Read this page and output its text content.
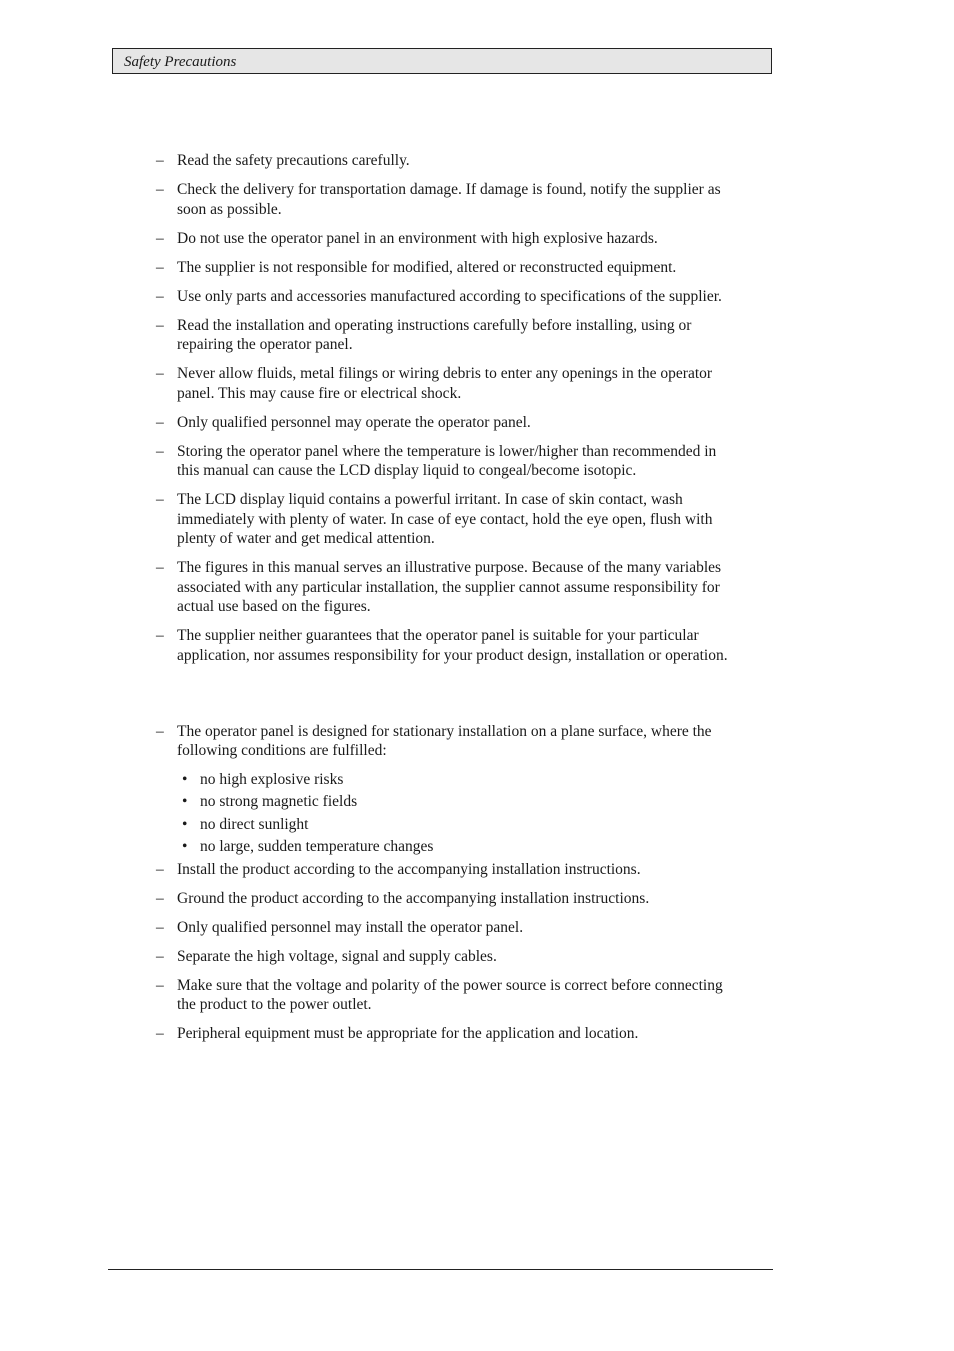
Safety Precautions
– Read the safety precautions carefully.
– Check the delivery for transportation damage. If damage is found, notify the supplier as soon as possible.
– Do not use the operator panel in an environment with high explosive hazards.
– The supplier is not responsible for modified, altered or reconstructed equipment.
– Use only parts and accessories manufactured according to specifications of the supplier.
– Read the installation and operating instructions carefully before installing, using or repairing the operator panel.
– Never allow fluids, metal filings or wiring debris to enter any openings in the operator panel. This may cause fire or electrical shock.
– Only qualified personnel may operate the operator panel.
– Storing the operator panel where the temperature is lower/higher than recommended in this manual can cause the LCD display liquid to congeal/become isotopic.
– The LCD display liquid contains a powerful irritant. In case of skin contact, wash immediately with plenty of water. In case of eye contact, hold the eye open, flush with plenty of water and get medical attention.
– The figures in this manual serves an illustrative purpose. Because of the many variables associated with any particular installation, the supplier cannot assume responsibility for actual use based on the figures.
– The supplier neither guarantees that the operator panel is suitable for your particular application, nor assumes responsibility for your product design, installation or operation.
– The operator panel is designed for stationary installation on a plane surface, where the following conditions are fulfilled:
• no high explosive risks
• no strong magnetic fields
• no direct sunlight
• no large, sudden temperature changes
– Install the product according to the accompanying installation instructions.
– Ground the product according to the accompanying installation instructions.
– Only qualified personnel may install the operator panel.
– Separate the high voltage, signal and supply cables.
– Make sure that the voltage and polarity of the power source is correct before connecting the product to the power outlet.
– Peripheral equipment must be appropriate for the application and location.
